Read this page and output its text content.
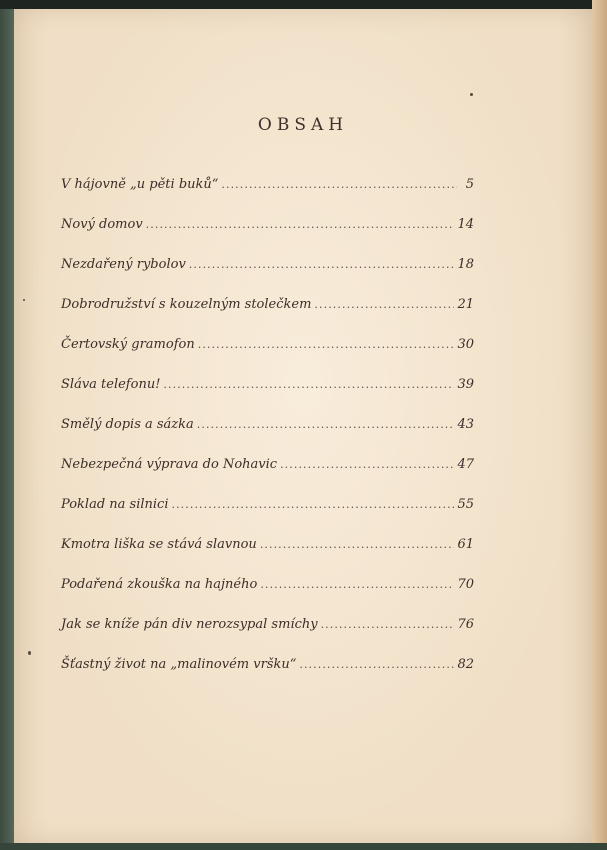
OBSAH
V hájovně „u pěti buků“ . . .	5
Nový domov . . .	14
Nezdařený rybolov . . .	18
Dobrodružství s kouzelným stolečkem . . .	21
Čertovský gramofon . . .	30
Sláva telefonu! . . .	39
Smělý dopis a sázka . . .	43
Nebezpečná výprava do Nohavic . . .	47
Poklad na silnici . . .	55
Kmotra liška se stává slavnou . . .	61
Podařená zkouška na hajného . . .	70
Jak se kníže pán div nerozsypal smíchy . . .	76
Šťastný život na „malinovém vršku“ . . .	82
